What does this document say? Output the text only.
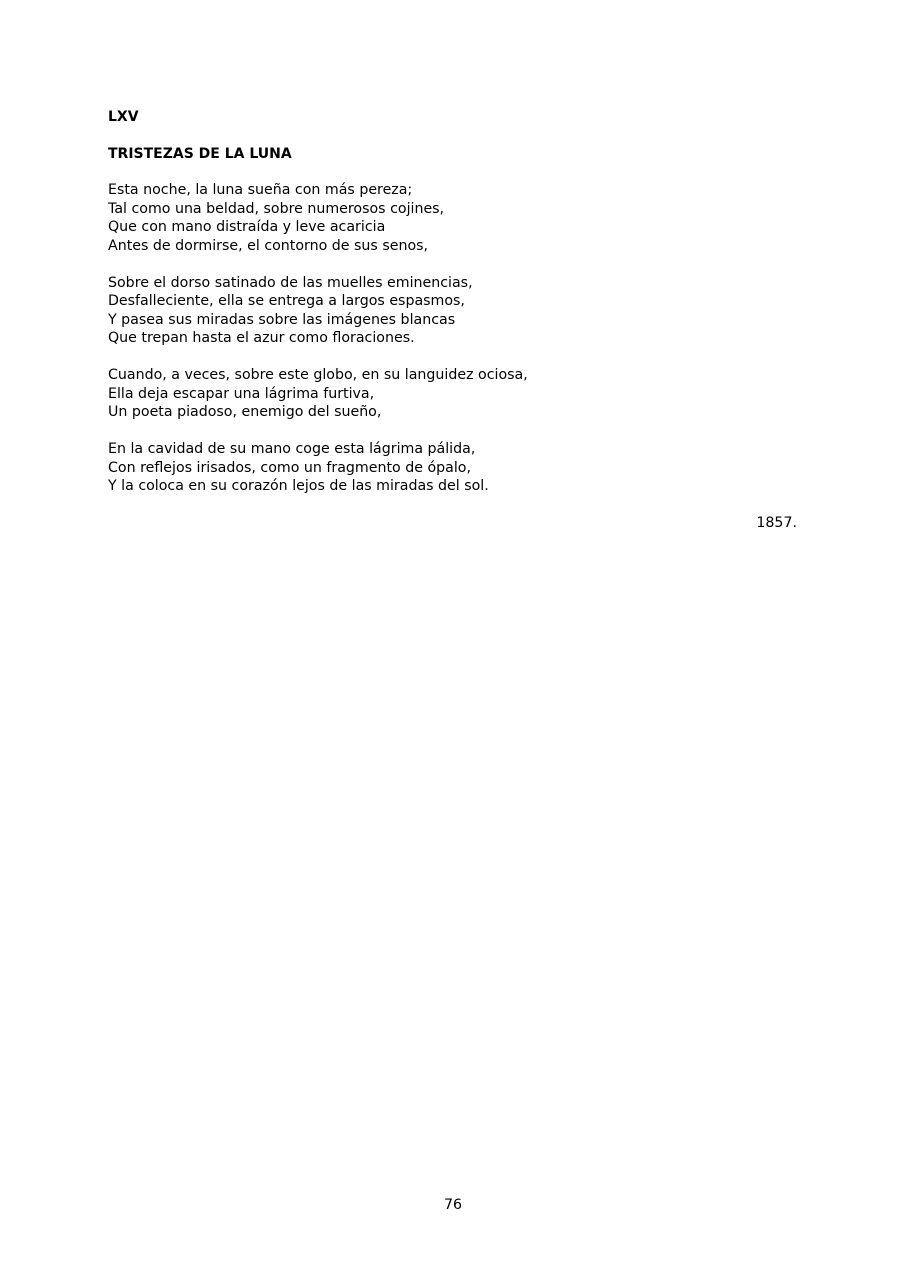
LXV
TRISTEZAS DE LA LUNA
Esta noche, la luna sueña con más pereza;
Tal como una beldad, sobre numerosos cojines,
Que con mano distraída y leve acaricia
Antes de dormirse, el contorno de sus senos,
Sobre el dorso satinado de las muelles eminencias,
Desfalleciente, ella se entrega a largos espasmos,
Y pasea sus miradas sobre las imágenes blancas
Que trepan hasta el azur como floraciones.
Cuando, a veces, sobre este globo, en su languidez ociosa,
Ella deja escapar una lágrima furtiva,
Un poeta piadoso, enemigo del sueño,
En la cavidad de su mano coge esta lágrima pálida,
Con reflejos irisados, como un fragmento de ópalo,
Y la coloca en su corazón lejos de las miradas del sol.
1857.
76
